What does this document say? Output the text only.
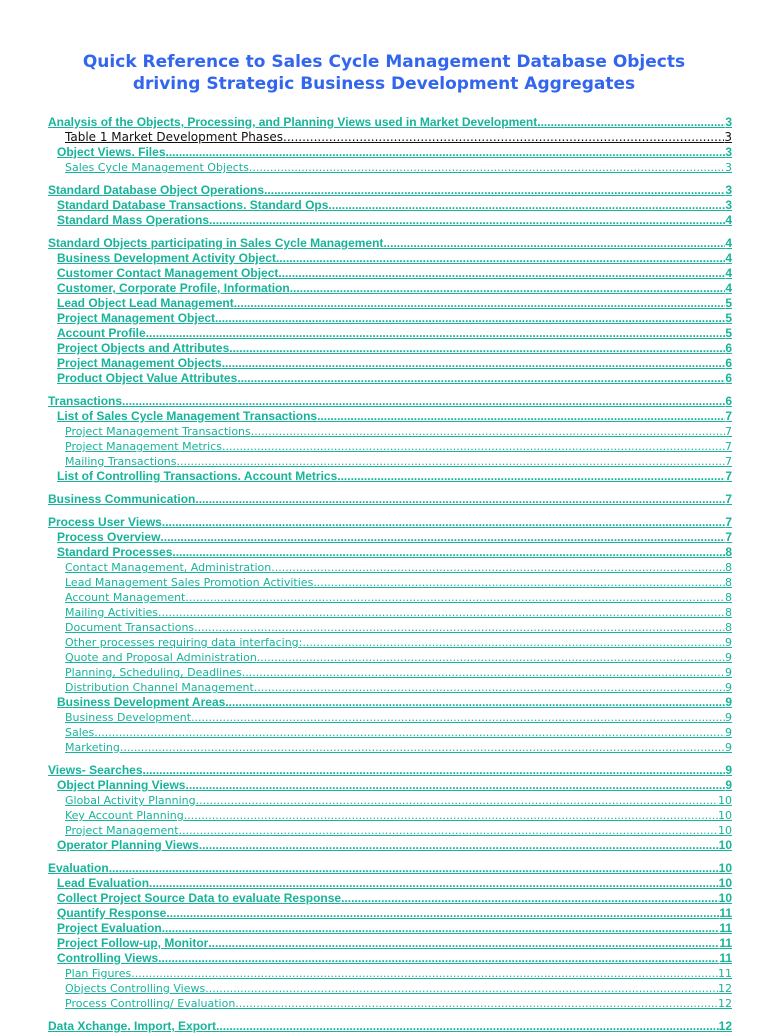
Quick Reference to Sales Cycle Management Database Objects
driving Strategic Business Development Aggregates
Analysis of the Objects, Processing, and Planning Views used in Market Development .....	3
Table 1 Market Development Phases .....	3
Object Views. Files .....	3
Sales Cycle Management Objects .....	3
Standard Database Object Operations .....	3
Standard Database Transactions. Standard Ops .....	3
Standard Mass Operations .....	4
Standard Objects participating in Sales Cycle Management .....	4
Business Development Activity Object .....	4
Customer Contact Management Object .....	4
Customer, Corporate Profile, Information .....	4
Lead Object Lead Management .....	5
Project Management Object .....	5
Account Profile .....	5
Project Objects and Attributes .....	6
Project Management Objects .....	6
Product Object Value Attributes .....	6
Transactions .....	6
List of Sales Cycle Management Transactions .....	7
Project Management Transactions .....	7
Project Management Metrics .....	7
Mailing Transactions .....	7
List of Controlling Transactions. Account Metrics .....	7
Business Communication .....	7
Process User Views .....	7
Process Overview .....	7
Standard Processes .....	8
Contact Management, Administration .....	8
Lead Management Sales Promotion Activities .....	8
Account Management .....	8
Mailing Activities .....	8
Document Transactions .....	8
Other processes requiring data interfacing: .....	9
Quote and Proposal Administration .....	9
Planning, Scheduling, Deadlines .....	9
Distribution Channel Management .....	9
Business Development Areas .....	9
Business Development .....	9
Sales .....	9
Marketing .....	9
Views- Searches .....	9
Object Planning Views .....	9
Global Activity Planning .....	10
Key Account Planning .....	10
Project Management .....	10
Operator Planning Views .....	10
Evaluation .....	10
Lead Evaluation .....	10
Collect Project Source Data to evaluate Response .....	10
Quantify Response .....	11
Project Evaluation .....	11
Project Follow-up, Monitor .....	11
Controlling Views .....	11
Plan Figures .....	11
Objects Controlling Views .....	12
Process Controlling/ Evaluation .....	12
Data Xchange. Import, Export. .....	12
